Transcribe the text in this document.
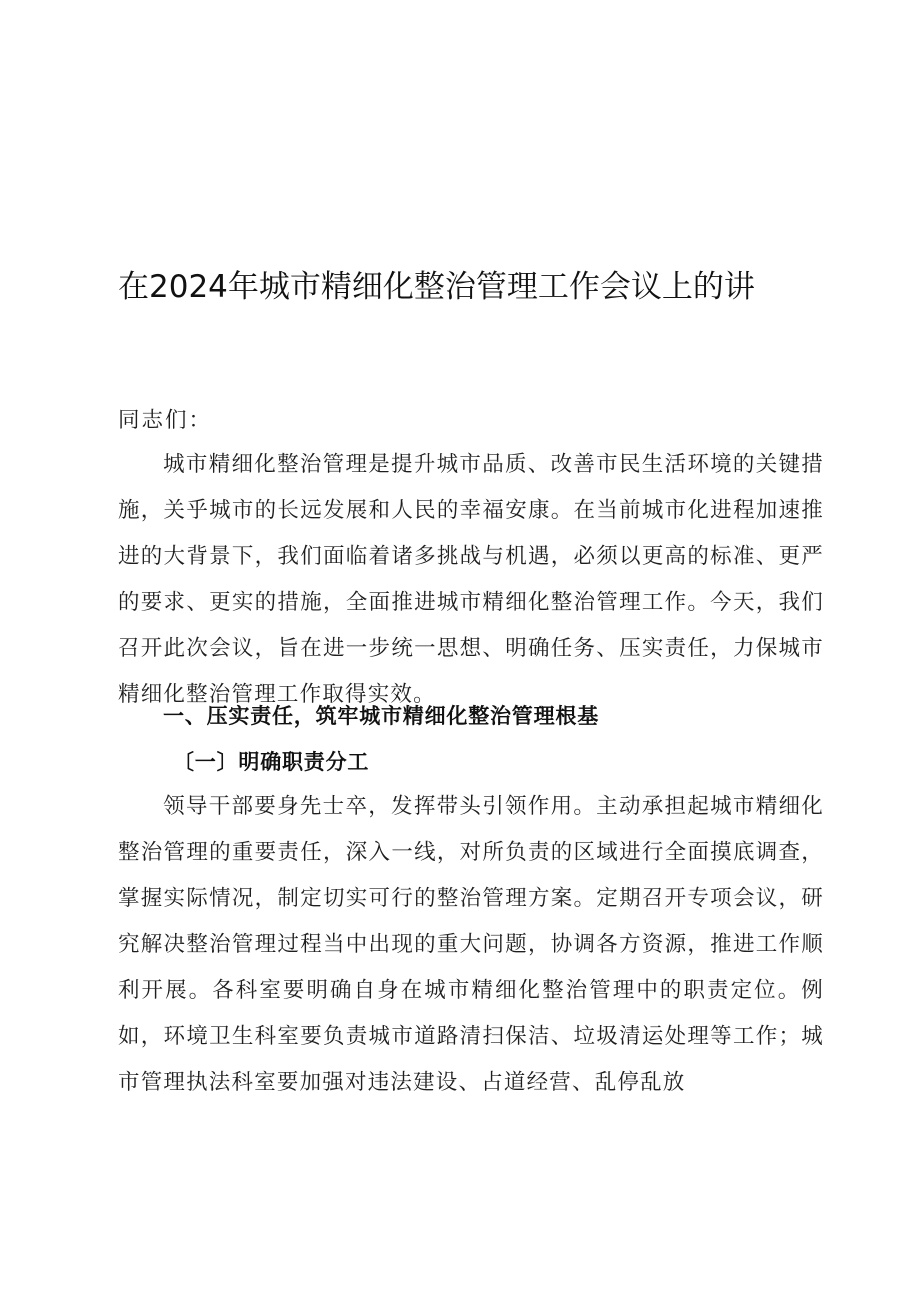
在2024年城市精细化整治管理工作会议上的讲
同志们：
城市精细化整治管理是提升城市品质、改善市民生活环境的关键措施，关乎城市的长远发展和人民的幸福安康。在当前城市化进程加速推进的大背景下，我们面临着诸多挑战与机遇，必须以更高的标准、更严的要求、更实的措施，全面推进城市精细化整治管理工作。今天，我们召开此次会议，旨在进一步统一思想、明确任务、压实责任，力保城市精细化整治管理工作取得实效。
一、压实责任，筑牢城市精细化整治管理根基
〔一〕明确职责分工
领导干部要身先士卒，发挥带头引领作用。主动承担起城市精细化整治管理的重要责任，深入一线，对所负责的区域进行全面摸底调查，掌握实际情况，制定切实可行的整治管理方案。定期召开专项会议，研究解决整治管理过程当中出现的重大问题，协调各方资源，推进工作顺利开展。各科室要明确自身在城市精细化整治管理中的职责定位。例如，环境卫生科室要负责城市道路清扫保洁、垃圾清运处理等工作；城市管理执法科室要加强对违法建设、占道经营、乱停乱放
